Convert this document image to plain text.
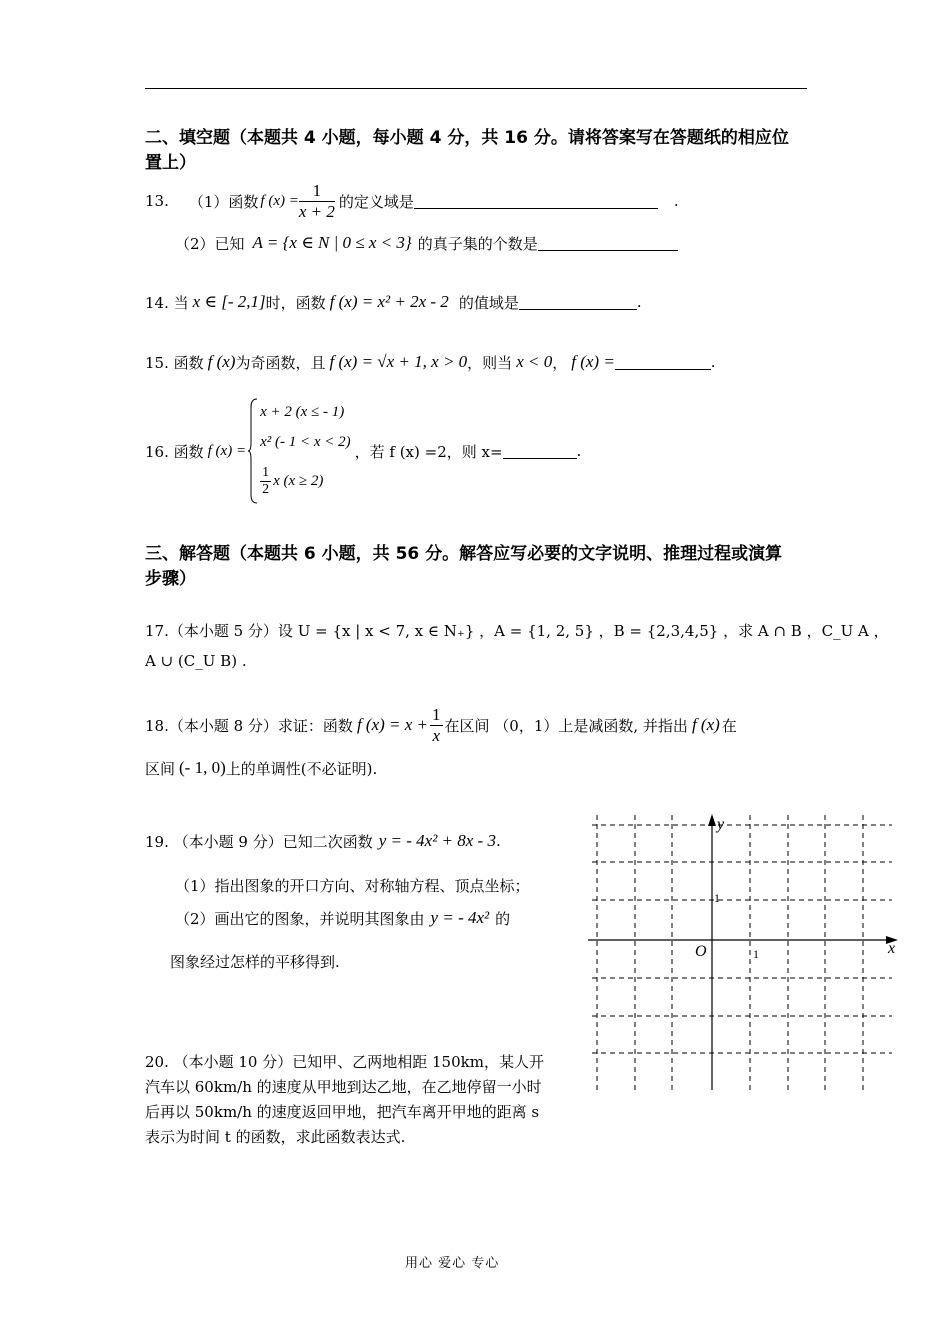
二、填空题（本题共 4 小题，每小题 4 分，共 16 分。请将答案写在答题纸的相应位
置上）
13. （1）函数 f $(x) = \frac{1}{x + 2}$ 的定义域是	.
（2）已知 A = {x ∈ N | 0 ≤ x < 3} 的真子集的个数是
14. 当 x ∈ [- 2,1] 时，函数 f (x) = x² + 2x - 2 的值域是	.
15. 函数 f (x) 为奇函数，且 f (x) = √x + 1, x > 0 ，则当 x < 0 ， f (x) =	.
16. 函数 f (x) =
x + 2 (x ≤ - 1)
x² (- 1 < x < 2)
$\frac{1}{2}$ x (x ≥ 2)
，若 f (x) =2，则 x=	.
三、解答题（本题共 6 小题，共 56 分。解答应写必要的文字说明、推理过程或演算
步骤）
17.（本小题 5 分）设 U = {x | x < 7, x ∈ N₊} ，A = {1, 2, 5} ，B = {2,3,4,5} ，求 A ∩ B ，C_U A ，
A ∪ (C_U B) .
18.（本小题 8 分）求证：函数 f $(x) = x + \frac{1}{x}$ 在区间 （0，1）上是减函数, 并指出 f (x) 在
区间 (- 1, 0) 上的单调性(不必证明).
19. （本小题 9 分）已知二次函数 y = - 4x² + 8x - 3 .
（1）指出图象的开口方向、对称轴方程、顶点坐标；
（2）画出它的图象，并说明其图象由 y = - 4x² 的
图象经过怎样的平移得到.
20. （本小题 10 分）已知甲、乙两地相距 150km，某人开
汽车以 60km/h 的速度从甲地到达乙地，在乙地停留一小时
后再以 50km/h 的速度返回甲地，把汽车离开甲地的距离 s
表示为时间 t 的函数，求此函数表达式.
y
x
O	1
1
用心 爱心 专心
